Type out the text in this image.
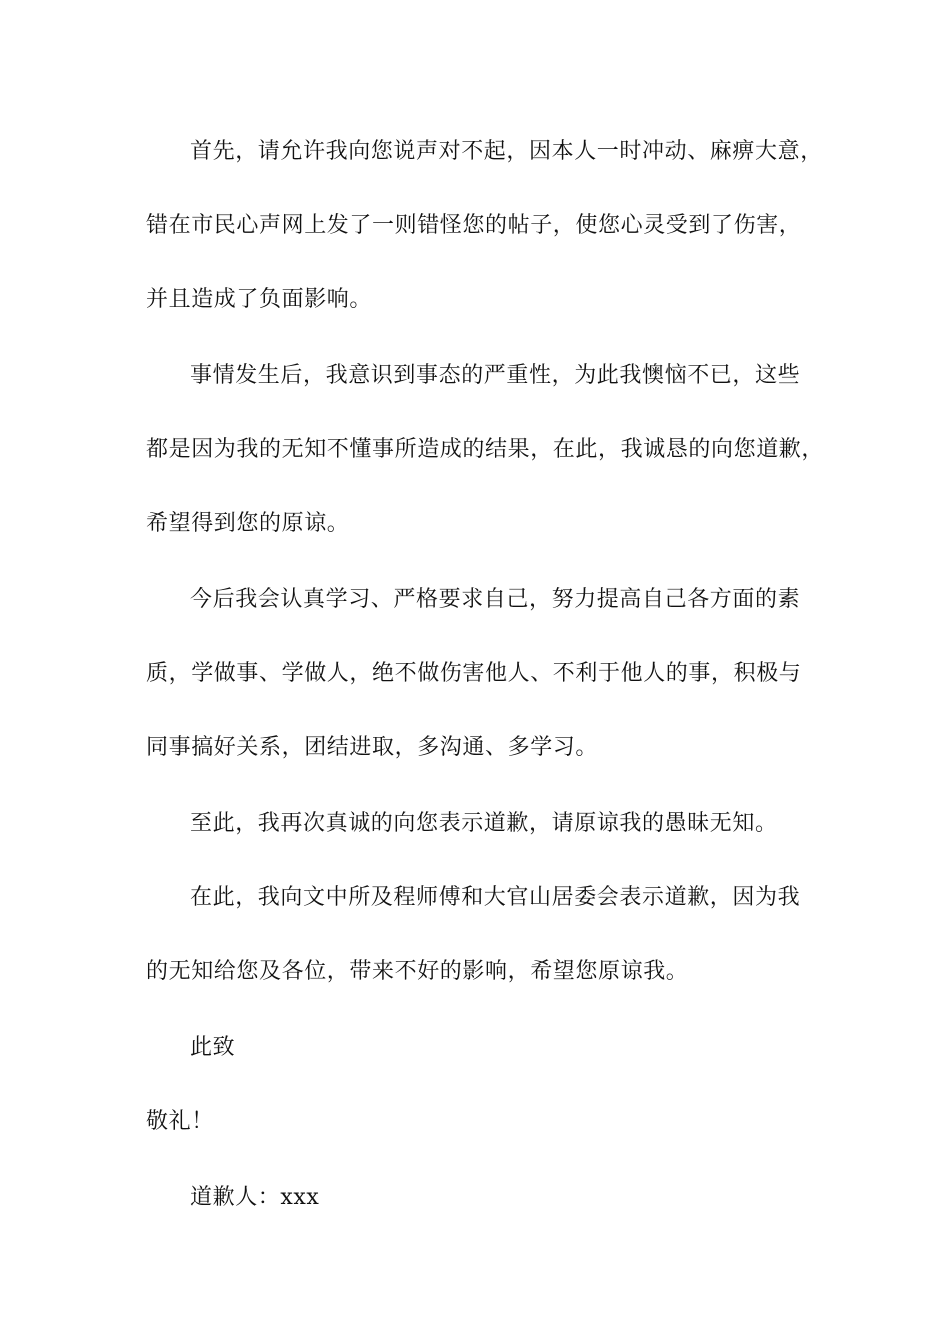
首先，请允许我向您说声对不起，因本人一时冲动、麻痹大意，
错在市民心声网上发了一则错怪您的帖子，使您心灵受到了伤害，
并且造成了负面影响。
事情发生后，我意识到事态的严重性，为此我懊恼不已，这些
都是因为我的无知不懂事所造成的结果，在此，我诚恳的向您道歉，
希望得到您的原谅。
今后我会认真学习、严格要求自己，努力提高自己各方面的素
质，学做事、学做人，绝不做伤害他人、不利于他人的事，积极与
同事搞好关系，团结进取，多沟通、多学习。
至此，我再次真诚的向您表示道歉，请原谅我的愚昧无知。
在此，我向文中所及程师傅和大官山居委会表示道歉，因为我
的无知给您及各位，带来不好的影响，希望您原谅我。
此致
敬礼！
道歉人：xxx
